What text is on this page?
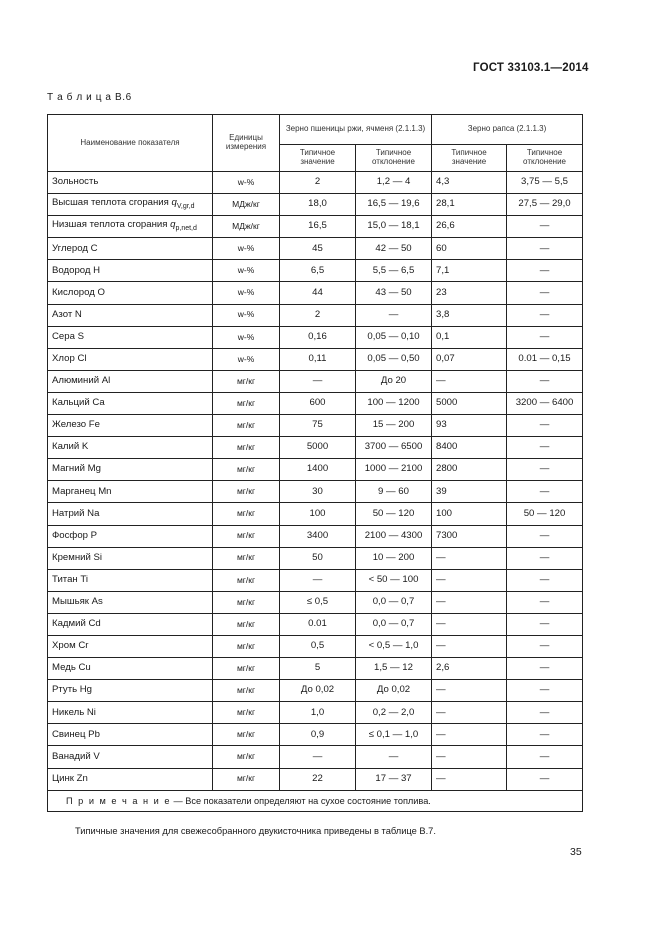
ГОСТ 33103.1—2014
Т а б л и ц а В.6
Наименование показателя	Единицы измерения	Зерно пшеницы ржи, ячменя (2.1.1.3)		Зерно рапса (2.1.1.3)	
		Типичное значение	Типичное отклонение	Типичное значение	Типичное отклонение
Зольность	w-%	2	1,2 — 4	4,3	3,75 — 5,5
Высшая теплота сгорания $q_{V,gr,d}$	МДж/кг	18,0	16,5 — 19,6	28,1	27,5 — 29,0
Низшая теплота сгорания $q_{p,net,d}$	МДж/кг	16,5	15,0 — 18,1	26,6	—
Углерод C	w-%	45	42 — 50	60	—
Водород H	w-%	6,5	5,5 — 6,5	7,1	—
Кислород O	w-%	44	43 — 50	23	—
Азот N	w-%	2	—	3,8	—
Сера S	w-%	0,16	0,05 — 0,10	0,1	—
Хлор Cl	w-%	0,11	0,05 — 0,50	0,07	0.01 — 0,15
Алюминий Al	мг/кг	—	До 20	—	—
Кальций Ca	мг/кг	600	100 — 1200	5000	3200 — 6400
Железо Fe	мг/кг	75	15 — 200	93	—
Калий K	мг/кг	5000	3700 — 6500	8400	—
Магний Mg	мг/кг	1400	1000 — 2100	2800	—
Марганец Mn	мг/кг	30	9 — 60	39	—
Натрий Na	мг/кг	100	50 — 120	100	50 — 120
Фосфор P	мг/кг	3400	2100 — 4300	7300	—
Кремний Si	мг/кг	50	10 — 200	—	—
Титан Ti	мг/кг	—	< 50 — 100	—	—
Мышьяк As	мг/кг	≤ 0,5	0,0 — 0,7	—	—
Кадмий Cd	мг/кг	0.01	0,0 — 0,7	—	—
Хром Cr	мг/кг	0,5	< 0,5 — 1,0	—	—
Медь Cu	мг/кг	5	1,5 — 12	2,6	—
Ртуть Hg	мг/кг	До 0,02	До 0,02	—	—
Никель Ni	мг/кг	1,0	0,2 — 2,0	—	—
Свинец Pb	мг/кг	0,9	≤ 0,1 — 1,0	—	—
Ванадий V	мг/кг	—	—	—	—
Цинк Zn	мг/кг	22	17 — 37	—	—
П р и м е ч а н и е — Все показатели определяют на сухое состояние топлива.					
Типичные значения для свежесобранного двукисточника приведены в таблице В.7.
35
